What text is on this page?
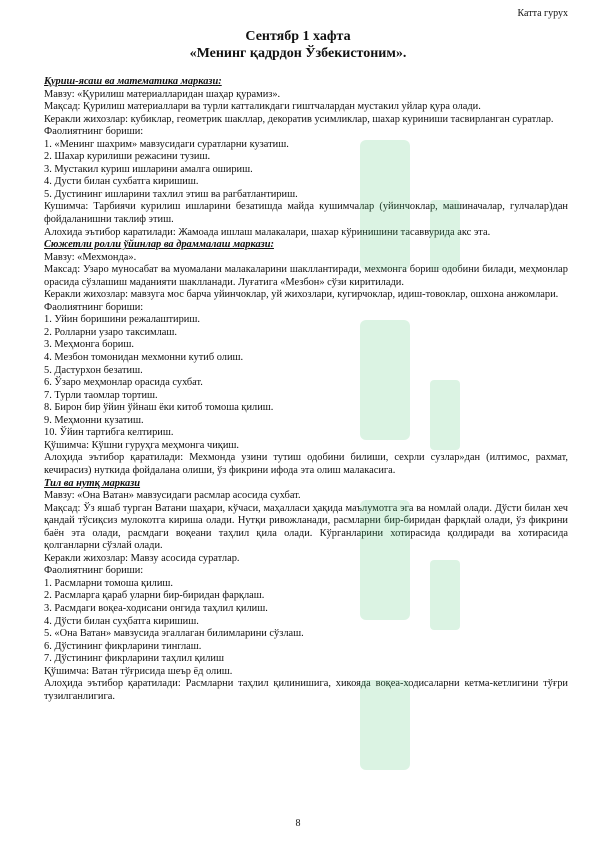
Катта гурух
Сентябр 1 хафта
«Менинг қадрдон Ўзбекистоним».

Қуриш-ясаш ва математика маркази:

Мавзу: «Қурилиш материалларидан шаҳар қурамиз».

Мақсад: Қурилиш материаллари ва турли катталикдаги гиштчалардан мустакил уйлар қура олади.

Керакли жихозлар: кубиклар, геометрик шакллар, декоратив усимликлар, шахар куриниши тасвирланган суратлар.

Фаолиятнинг бориши:

1. «Менинг шахрим» мавзусидаги суратларни кузатиш.

2. Шахар курилиши режасини тузиш.

3. Мустакил куриш ишларини амалга ошириш.

4. Дусти билан сухбатга киришиш.

5. Дустининг ишларини тахлил этиш ва рагбатлантириш.

Кушимча: Тарбиячи курилиш ишларини безатишда майда кушимчалар (уйинчоклар, машиначалар, гулчалар)дан фойдаланишни таклиф этиш.

Алохида эътибор каратилади: Жамоада ишлаш малакалари, шахар кўринишини тасаввурида акс эта.

Сюжетли ролли ўйинлар ва драммалаш маркази:

Мавзу: «Мехмонда».

Максад: Узаро муносабат ва муомалани малакаларини шакллантиради, мехмонга бориш одобини билади, меҳмонлар орасида сўзлашиш маданияти шаклланади. Луғатига «Мезбон» сўзи киритилади.

Керакли жихозлар: мавзуга мос барча уйинчоклар, уй жихозлари, кугирчоклар, идиш-товоклар, ошхона анжомлари.

Фаолиятнинг бориши:

1. Уйин боришини режалаштириш.

2. Ролларни узаро таксимлаш.

3. Меҳмонга бориш.

4. Мезбон томонидан мехмонни кутиб олиш.

5. Дастурхон безатиш.

6. Ўзаро меҳмонлар орасида сухбат.

7. Турли таомлар тортиш.

8. Бирон бир ўйин ўйнаш ёки китоб томоша қилиш.

9. Меҳмонни кузатиш.

10. Ўйин тартибга келтириш.

Қўшимча: Кўшни гуруҳга меҳмонга чиқиш.

Алоҳида эътибор қаратилади: Мехмонда узини тутиш одобини билиши, сехрли сузлар»дан (илтимос, рахмат, кечирасиз) нуткида фойдалана олиши, ўз фикрини ифода эта олиш малакасига.

Тил ва нутқ маркази

Мавзу: «Она Ватан» мавзусидаги расмлар асосида сухбат.

Мақсад: Ўз яшаб турган Ватани шаҳари, кўчаси, маҳалласи ҳақида маълумотга эга ва номлай олади. Дўсти билан хеч қандай тўсиқсиз мулокотга кириша олади. Нутқи ривожланади, расмларни бир-биридан фарқлай олади, ўз фикрини баён эта олади, расмдаги воқеани таҳлил қила олади. Кўрганларини хотирасида қолдиради ва хотирасида қолганларни сўзлай олади.

Керакли жихозлар: Мавзу асосида суратлар.

Фаолиятнинг бориши:

1. Расмларни томоша қилиш.

2. Расмларга қараб уларни бир-биридан фарқлаш.

3. Расмдаги воқеа-ходисани онгида таҳлил қилиш.

4. Дўсти билан суҳбатга киришиш.

5. «Она Ватан» мавзусида эгаллаган билимларини сўзлаш.

6. Дўстининг фикрларини тинглаш.

7. Дўстининг фикрларини таҳлил қилиш

Қўшимча: Ватан тўғрисида шеър ёд олиш.

Алоҳида эътибор қаратилади: Расмларни таҳлил қилинишига, хикояда воқеа-ходисаларни кетма-кетлигини тўғри тузилганлигига.

8
